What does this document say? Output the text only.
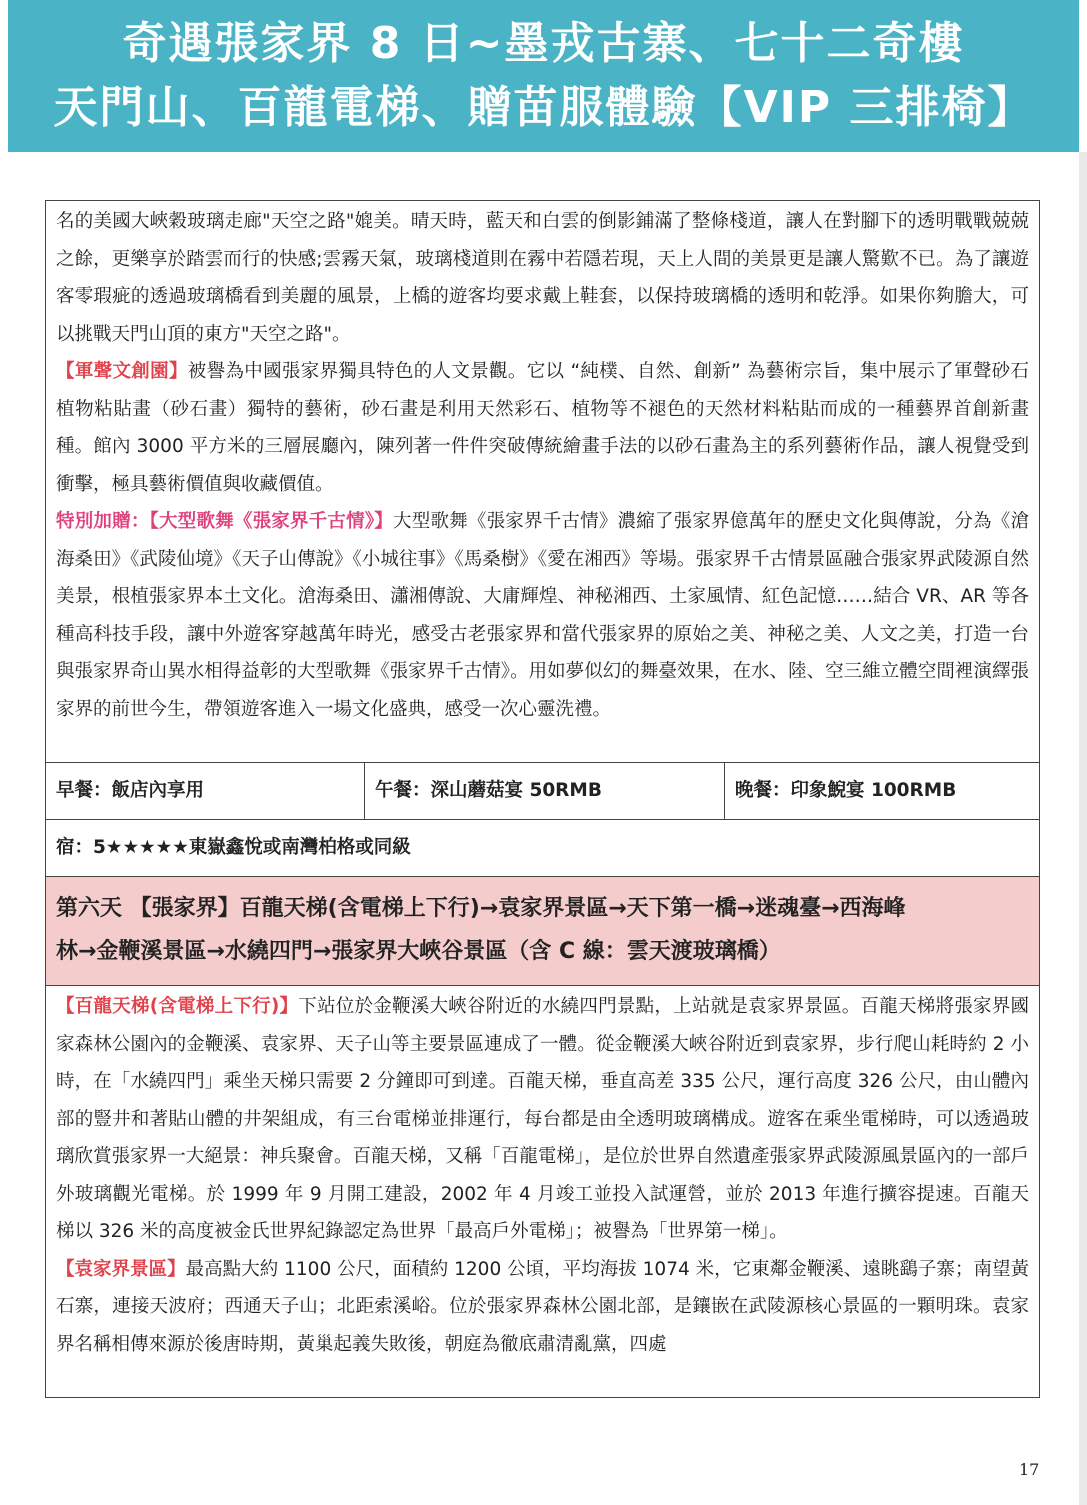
奇遇張家界 8 日~墨戎古寨、七十二奇樓
天門山、百龍電梯、贈苗服體驗【VIP 三排椅】

名的美國大峽穀玻璃走廊"天空之路"媲美。晴天時，藍天和白雲的倒影鋪滿了整條棧道，讓人在對腳下的透明戰戰兢兢之餘，更樂享於踏雲而行的快感;雲霧天氣，玻璃棧道則在霧中若隱若現，天上人間的美景更是讓人驚歎不已。為了讓遊客零瑕疵的透過玻璃橋看到美麗的風景，上橋的遊客均要求戴上鞋套，以保持玻璃橋的透明和乾淨。如果你夠膽大，可以挑戰天門山頂的東方"天空之路"。

【軍聲文創園】被譽為中國張家界獨具特色的人文景觀。它以 “純樸、自然、創新” 為藝術宗旨，集中展示了軍聲砂石植物粘貼畫（砂石畫）獨特的藝術，砂石畫是利用天然彩石、植物等不褪色的天然材料粘貼而成的一種藝界首創新畫種。館內 3000 平方米的三層展廳內，陳列著一件件突破傳統繪畫手法的以砂石畫為主的系列藝術作品，讓人視覺受到衝擊，極具藝術價值與收藏價值。

特別加贈：【大型歌舞《張家界千古情》】大型歌舞《張家界千古情》濃縮了張家界億萬年的歷史文化與傳說，分為《滄海桑田》《武陵仙境》《天子山傳說》《小城往事》《馬桑樹》《愛在湘西》等場。張家界千古情景區融合張家界武陵源自然美景，根植張家界本土文化。滄海桑田、瀟湘傳說、大庸輝煌、神秘湘西、土家風情、紅色記憶……結合 VR、AR 等各種高科技手段，讓中外遊客穿越萬年時光，感受古老張家界和當代張家界的原始之美、神秘之美、人文之美，打造一台與張家界奇山異水相得益彰的大型歌舞《張家界千古情》。用如夢似幻的舞臺效果，在水、陸、空三維立體空間裡演繹張家界的前世今生，帶領遊客進入一場文化盛典，感受一次心靈洗禮。

早餐：飯店內享用	午餐：深山蘑菇宴 50RMB	晚餐：印象鯢宴 100RMB
宿：5★★★★★東嶽鑫悅或南灣柏格或同級
第六天 【張家界】百龍天梯(含電梯上下行)→袁家界景區→天下第一橋→迷魂臺→西海峰
林→金鞭溪景區→水繞四門→張家界大峽谷景區（含 C 線：雲天渡玻璃橋）

【百龍天梯(含電梯上下行)】下站位於金鞭溪大峽谷附近的水繞四門景點，上站就是袁家界景區。百龍天梯將張家界國家森林公園內的金鞭溪、袁家界、天子山等主要景區連成了一體。從金鞭溪大峽谷附近到袁家界，步行爬山耗時約 2 小時，在「水繞四門」乘坐天梯只需要 2 分鐘即可到達。百龍天梯，垂直高差 335 公尺，運行高度 326 公尺，由山體內部的豎井和著貼山體的井架組成，有三台電梯並排運行，每台都是由全透明玻璃構成。遊客在乘坐電梯時，可以透過玻璃欣賞張家界一大絕景：神兵聚會。百龍天梯，又稱「百龍電梯」，是位於世界自然遺產張家界武陵源風景區內的一部戶外玻璃觀光電梯。於 1999 年 9 月開工建設，2002 年 4 月竣工並投入試運營，並於 2013 年進行擴容提速。百龍天梯以 326 米的高度被金氏世界紀錄認定為世界「最高戶外電梯」；被譽為「世界第一梯」。

【袁家界景區】最高點大約 1100 公尺，面積約 1200 公頃，平均海拔 1074 米，它東鄰金鞭溪、遠眺鷂子寨；南望黃石寨，連接天波府；西通天子山；北距索溪峪。位於張家界森林公園北部，是鑲嵌在武陵源核心景區的一顆明珠。袁家界名稱相傳來源於後唐時期，黃巢起義失敗後，朝庭為徹底肅清亂黨，四處

17
